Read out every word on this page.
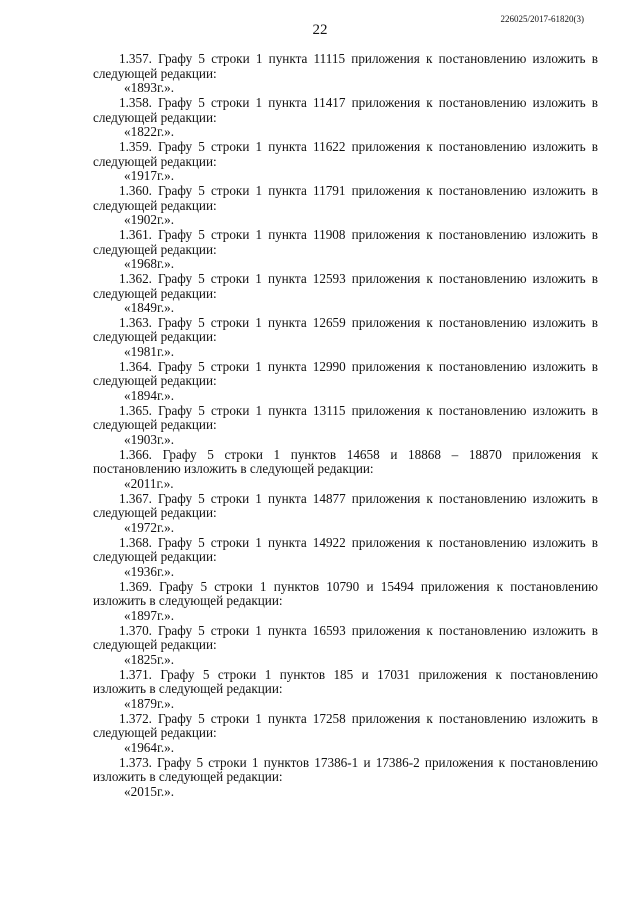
22
226025/2017-61820(3)

1.357. Графу 5 строки 1 пункта 11115 приложения к постановлению изложить в следующей редакции:

«1893г.».

1.358. Графу 5 строки 1 пункта 11417 приложения к постановлению изложить в следующей редакции:

«1822г.».

1.359. Графу 5 строки 1 пункта 11622 приложения к постановлению изложить в следующей редакции:

«1917г.».

1.360. Графу 5 строки 1 пункта 11791 приложения к постановлению изложить в следующей редакции:

«1902г.».

1.361. Графу 5 строки 1 пункта 11908 приложения к постановлению изложить в следующей редакции:

«1968г.».

1.362. Графу 5 строки 1 пункта 12593 приложения к постановлению изложить в следующей редакции:

«1849г.».

1.363. Графу 5 строки 1 пункта 12659 приложения к постановлению изложить в следующей редакции:

«1981г.».

1.364. Графу 5 строки 1 пункта 12990 приложения к постановлению изложить в следующей редакции:

«1894г.».

1.365. Графу 5 строки 1 пункта 13115 приложения к постановлению изложить в следующей редакции:

«1903г.».

1.366. Графу 5 строки 1 пунктов 14658 и 18868 – 18870 приложения к постановлению изложить в следующей редакции:

«2011г.».

1.367. Графу 5 строки 1 пункта 14877 приложения к постановлению изложить в следующей редакции:

«1972г.».

1.368. Графу 5 строки 1 пункта 14922 приложения к постановлению изложить в следующей редакции:

«1936г.».

1.369. Графу 5 строки 1 пунктов 10790 и 15494 приложения к постановлению изложить в следующей редакции:

«1897г.».

1.370. Графу 5 строки 1 пункта 16593 приложения к постановлению изложить в следующей редакции:

«1825г.».

1.371. Графу 5 строки 1 пунктов 185 и 17031 приложения к постановлению изложить в следующей редакции:

«1879г.».

1.372. Графу 5 строки 1 пункта 17258 приложения к постановлению изложить в следующей редакции:

«1964г.».

1.373. Графу 5 строки 1 пунктов 17386-1 и 17386-2 приложения к постановлению изложить в следующей редакции:

«2015г.».
